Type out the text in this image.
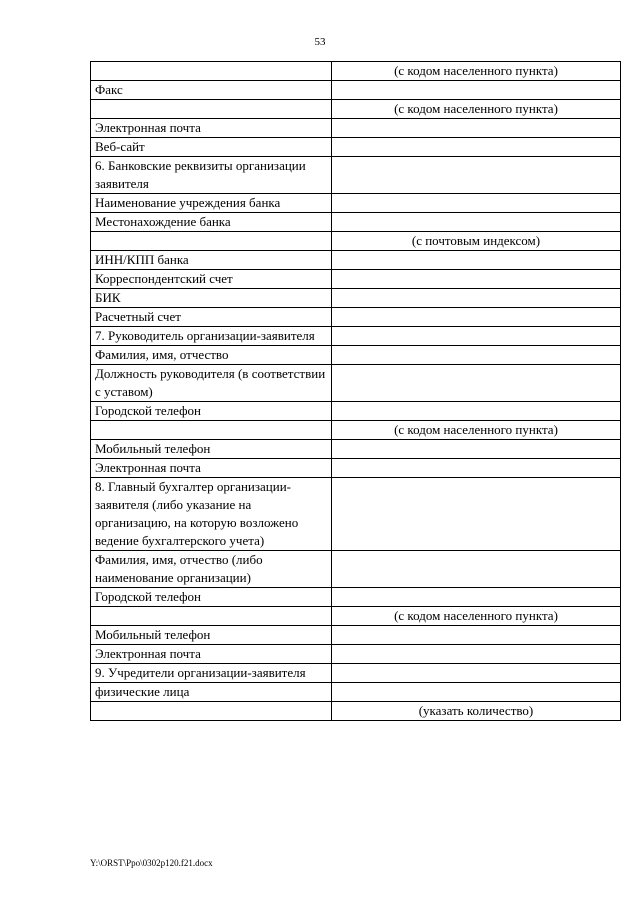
53
	(с кодом населенного пункта)
Факс	
	(с кодом населенного пункта)
Электронная почта	
Веб-сайт	
6. Банковские реквизиты организации заявителя	
Наименование учреждения банка	
Местонахождение банка	
	(с почтовым индексом)
ИНН/КПП банка	
Корреспондентский счет	
БИК	
Расчетный счет	
7. Руководитель организации-заявителя	
Фамилия, имя, отчество	
Должность руководителя (в соответствии с уставом)	
Городской телефон	
	(с кодом населенного пункта)
Мобильный телефон	
Электронная почта	
8. Главный бухгалтер организации-заявителя (либо указание на организацию, на которую возложено ведение бухгалтерского учета)	
Фамилия, имя, отчество (либо наименование организации)	
Городской телефон	
	(с кодом населенного пункта)
Мобильный телефон	
Электронная почта	
9. Учредители организации-заявителя	
физические лица	
	(указать количество)
Y:\ORST\Ppo\0302p120.f21.docx
